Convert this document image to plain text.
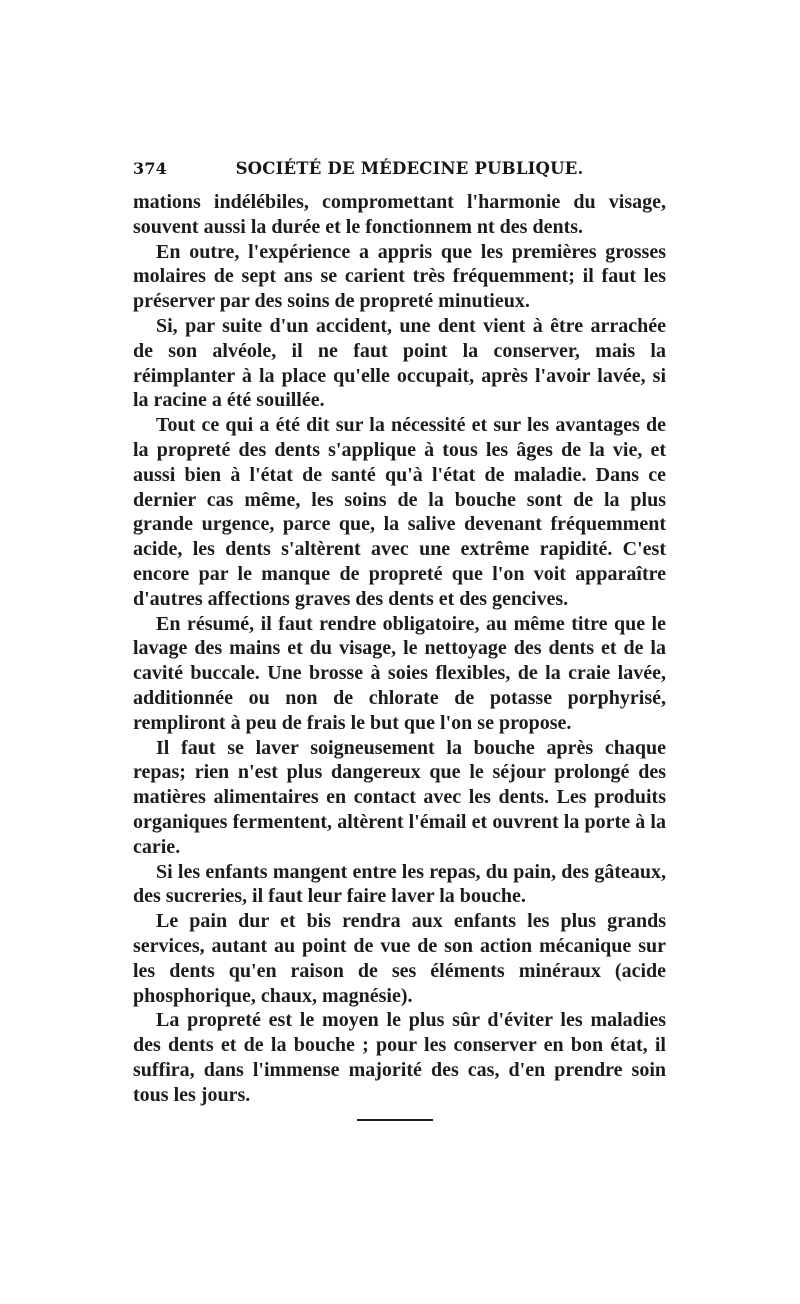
374	SOCIÉTÉ DE MÉDECINE PUBLIQUE.

mations indélébiles, compromettant l'harmonie du visage, souvent aussi la durée et le fonctionnem nt des dents.

En outre, l'expérience a appris que les premières grosses molaires de sept ans se carient très fréquemment; il faut les préserver par des soins de propreté minutieux.

Si, par suite d'un accident, une dent vient à être arrachée de son alvéole, il ne faut point la conserver, mais la réimplanter à la place qu'elle occupait, après l'avoir lavée, si la racine a été souillée.

Tout ce qui a été dit sur la nécessité et sur les avantages de la propreté des dents s'applique à tous les âges de la vie, et aussi bien à l'état de santé qu'à l'état de maladie. Dans ce dernier cas même, les soins de la bouche sont de la plus grande urgence, parce que, la salive devenant fréquemment acide, les dents s'altèrent avec une extrême rapidité. C'est encore par le manque de propreté que l'on voit apparaître d'autres affections graves des dents et des gencives.

En résumé, il faut rendre obligatoire, au même titre que le lavage des mains et du visage, le nettoyage des dents et de la cavité buccale. Une brosse à soies flexibles, de la craie lavée, additionnée ou non de chlorate de potasse porphyrisé, rempliront à peu de frais le but que l'on se propose.

Il faut se laver soigneusement la bouche après chaque repas; rien n'est plus dangereux que le séjour prolongé des matières alimentaires en contact avec les dents. Les produits organiques fermentent, altèrent l'émail et ouvrent la porte à la carie.

Si les enfants mangent entre les repas, du pain, des gâteaux, des sucreries, il faut leur faire laver la bouche.

Le pain dur et bis rendra aux enfants les plus grands services, autant au point de vue de son action mécanique sur les dents qu'en raison de ses éléments minéraux (acide phosphorique, chaux, magnésie).

La propreté est le moyen le plus sûr d'éviter les maladies des dents et de la bouche ; pour les conserver en bon état, il suffira, dans l'immense majorité des cas, d'en prendre soin tous les jours.
